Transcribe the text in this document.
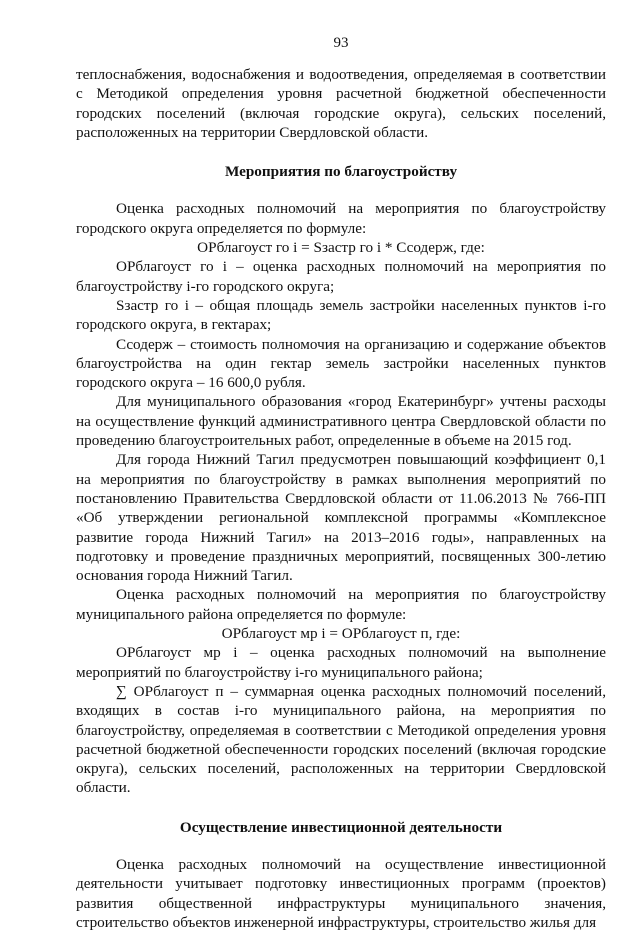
93

теплоснабжения, водоснабжения и водоотведения, определяемая в соответствии с Методикой определения уровня расчетной бюджетной обеспеченности городских поселений (включая городские округа), сельских поселений, расположенных на территории Свердловской области.

Мероприятия по благоустройству

Оценка расходных полномочий на мероприятия по благоустройству городского округа определяется по формуле:

ОРблагоуст го i = Sзастр го i * Ссодерж, где:

ОРблагоуст го i – оценка расходных полномочий на мероприятия по благоустройству i-го городского округа;

Sзастр го i – общая площадь земель застройки населенных пунктов i-го городского округа, в гектарах;

Ссодерж – стоимость полномочия на организацию и содержание объектов благоустройства на один гектар земель застройки населенных пунктов городского округа – 16 600,0 рубля.

Для муниципального образования «город Екатеринбург» учтены расходы на осуществление функций административного центра Свердловской области по проведению благоустроительных работ, определенные в объеме на 2015 год.

Для города Нижний Тагил предусмотрен повышающий коэффициент 0,1 на мероприятия по благоустройству в рамках выполнения мероприятий по постановлению Правительства Свердловской области от 11.06.2013 № 766-ПП «Об утверждении региональной комплексной программы «Комплексное развитие города Нижний Тагил» на 2013–2016 годы», направленных на подготовку и проведение праздничных мероприятий, посвященных 300-летию основания города Нижний Тагил.

Оценка расходных полномочий на мероприятия по благоустройству муниципального района определяется по формуле:

ОРблагоуст мр i = ОРблагоуст п, где:

ОРблагоуст мр i – оценка расходных полномочий на выполнение мероприятий по благоустройству i-го муниципального района;

∑ ОРблагоуст п – суммарная оценка расходных полномочий поселений, входящих в состав i-го муниципального района, на мероприятия по благоустройству, определяемая в соответствии с Методикой определения уровня расчетной бюджетной обеспеченности городских поселений (включая городские округа), сельских поселений, расположенных на территории Свердловской области.

Осуществление инвестиционной деятельности

Оценка расходных полномочий на осуществление инвестиционной деятельности учитывает подготовку инвестиционных программ (проектов) развития общественной инфраструктуры муниципального значения, строительство объектов инженерной инфраструктуры, строительство жилья для
